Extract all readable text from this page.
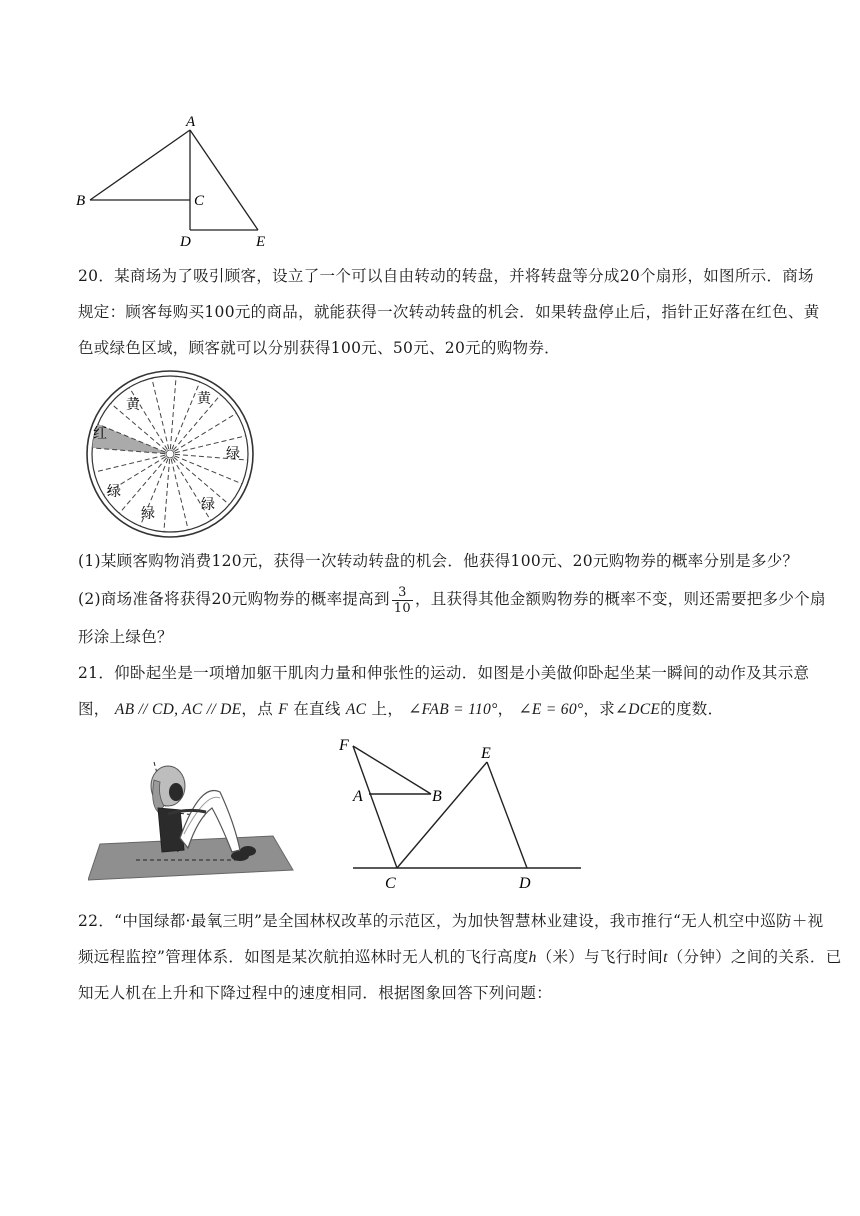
A
B	C
D	E
20．某商场为了吸引顾客，设立了一个可以自由转动的转盘，并将转盘等分成20个扇形，如图所示．商场
规定：顾客每购买100元的商品，就能获得一次转动转盘的机会．如果转盘停止后，指针正好落在红色、黄
色或绿色区域，顾客就可以分别获得100元、50元、20元的购物券．
黄	黄
红
绿
绿
绿
绿
(1)某顾客购物消费120元，获得一次转动转盘的机会．他获得100元、20元购物券的概率分别是多少？
(2)商场准备将获得20元购物券的概率提高到 $\frac{3}{10}$ ，且获得其他金额购物券的概率不变，则还需要把多少个扇
形涂上绿色？
21．仰卧起坐是一项增加躯干肌肉力量和伸张性的运动．如图是小美做仰卧起坐某一瞬间的动作及其示意
图， AB // CD, AC // DE，点 F 在直线 AC 上， ∠FAB = 110°， ∠E = 60°，求∠DCE的度数．
F
A	B
E
C	D
22．“中国绿都·最氧三明”是全国林权改革的示范区，为加快智慧林业建设，我市推行“无人机空中巡防＋视
频远程监控”管理体系．如图是某次航拍巡林时无人机的飞行高度h（米）与飞行时间t（分钟）之间的关系．已
知无人机在上升和下降过程中的速度相同．根据图象回答下列问题：
